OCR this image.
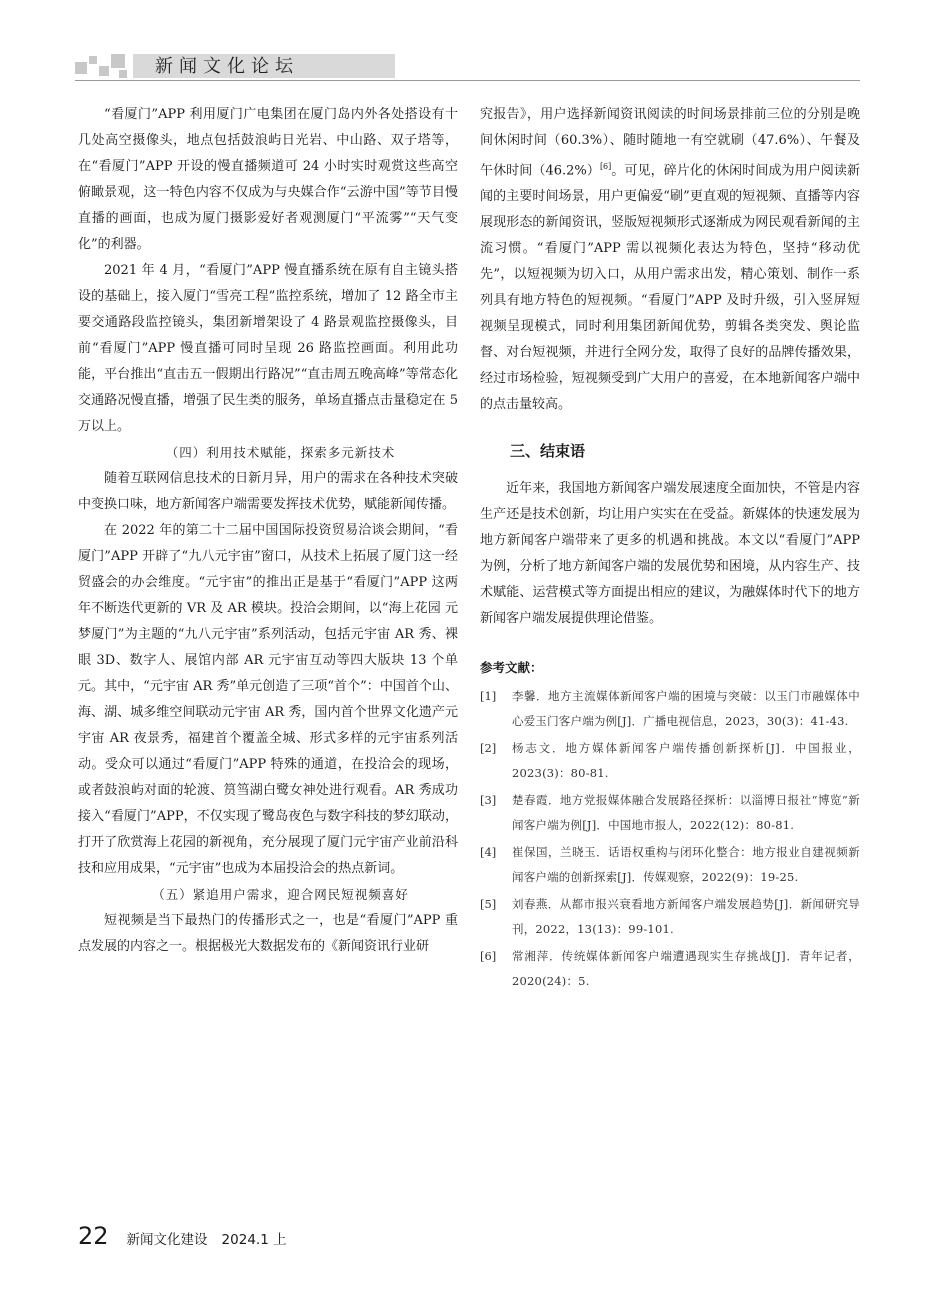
新闻文化论坛

“看厦门”APP 利用厦门广电集团在厦门岛内外各处搭设有十几处高空摄像头，地点包括鼓浪屿日光岩、中山路、双子塔等，在“看厦门”APP 开设的慢直播频道可 24 小时实时观赏这些高空俯瞰景观，这一特色内容不仅成为与央媒合作“云游中国”等节目慢直播的画面，也成为厦门摄影爱好者观测厦门“平流雾”“天气变化”的利器。

2021 年 4 月，“看厦门”APP 慢直播系统在原有自主镜头搭设的基础上，接入厦门“雪亮工程”监控系统，增加了 12 路全市主要交通路段监控镜头，集团新增架设了 4 路景观监控摄像头，目前“看厦门”APP 慢直播可同时呈现 26 路监控画面。利用此功能，平台推出“直击五一假期出行路况”“直击周五晚高峰”等常态化交通路况慢直播，增强了民生类的服务，单场直播点击量稳定在 5 万以上。

（四）利用技术赋能，探索多元新技术

随着互联网信息技术的日新月异，用户的需求在各种技术突破中变换口味，地方新闻客户端需要发挥技术优势，赋能新闻传播。

在 2022 年的第二十二届中国国际投资贸易洽谈会期间，“看厦门”APP 开辟了“九八元宇宙”窗口，从技术上拓展了厦门这一经贸盛会的办会维度。“元宇宙”的推出正是基于“看厦门”APP 这两年不断迭代更新的 VR 及 AR 模块。投洽会期间，以“海上花园 元梦厦门”为主题的“九八元宇宙”系列活动，包括元宇宙 AR 秀、裸眼 3D、数字人、展馆内部 AR 元宇宙互动等四大版块 13 个单元。其中，“元宇宙 AR 秀”单元创造了三项“首个”：中国首个山、海、湖、城多维空间联动元宇宙 AR 秀，国内首个世界文化遗产元宇宙 AR 夜景秀，福建首个覆盖全城、形式多样的元宇宙系列活动。受众可以通过“看厦门”APP 特殊的通道，在投洽会的现场，或者鼓浪屿对面的轮渡、筼筜湖白鹭女神处进行观看。AR 秀成功接入“看厦门”APP，不仅实现了鹭岛夜色与数字科技的梦幻联动，打开了欣赏海上花园的新视角，充分展现了厦门元宇宙产业前沿科技和应用成果，“元宇宙”也成为本届投洽会的热点新词。

（五）紧追用户需求，迎合网民短视频喜好

短视频是当下最热门的传播形式之一，也是“看厦门”APP 重点发展的内容之一。根据极光大数据发布的《新闻资讯行业研

究报告》，用户选择新闻资讯阅读的时间场景排前三位的分别是晚间休闲时间（60.3%）、随时随地一有空就刷（47.6%）、午餐及午休时间（46.2%）[6]。可见，碎片化的休闲时间成为用户阅读新闻的主要时间场景，用户更偏爱“刷”更直观的短视频、直播等内容展现形态的新闻资讯，竖版短视频形式逐渐成为网民观看新闻的主流习惯。“看厦门”APP 需以视频化表达为特色，坚持“移动优先”，以短视频为切入口，从用户需求出发，精心策划、制作一系列具有地方特色的短视频。“看厦门”APP 及时升级，引入竖屏短视频呈现模式，同时利用集团新闻优势，剪辑各类突发、舆论监督、对台短视频，并进行全网分发，取得了良好的品牌传播效果，经过市场检验，短视频受到广大用户的喜爱，在本地新闻客户端中的点击量较高。

三、结束语

近年来，我国地方新闻客户端发展速度全面加快，不管是内容生产还是技术创新，均让用户实实在在受益。新媒体的快速发展为地方新闻客户端带来了更多的机遇和挑战。本文以“看厦门”APP 为例，分析了地方新闻客户端的发展优势和困境，从内容生产、技术赋能、运营模式等方面提出相应的建议，为融媒体时代下的地方新闻客户端发展提供理论借鉴。

参考文献：
[1]	李馨．地方主流媒体新闻客户端的困境与突破：以玉门市融媒体中心爱玉门客户端为例[J]．广播电视信息，2023，30(3)：41-43.
[2]	杨志文．地方媒体新闻客户端传播创新探析[J]．中国报业，2023(3)：80-81.
[3]	楚春霞．地方党报媒体融合发展路径探析：以淄博日报社“博览”新闻客户端为例[J]．中国地市报人，2022(12)：80-81.
[4]	崔保国，兰晓玉．话语权重构与闭环化整合：地方报业自建视频新闻客户端的创新探索[J]．传媒观察，2022(9)：19-25.
[5]	刘春燕．从都市报兴衰看地方新闻客户端发展趋势[J]．新闻研究导刊，2022，13(13)：99-101.
[6]	常湘萍．传统媒体新闻客户端遭遇现实生存挑战[J]．青年记者，2020(24)：5.
22 新闻文化建设 2024.1 上
